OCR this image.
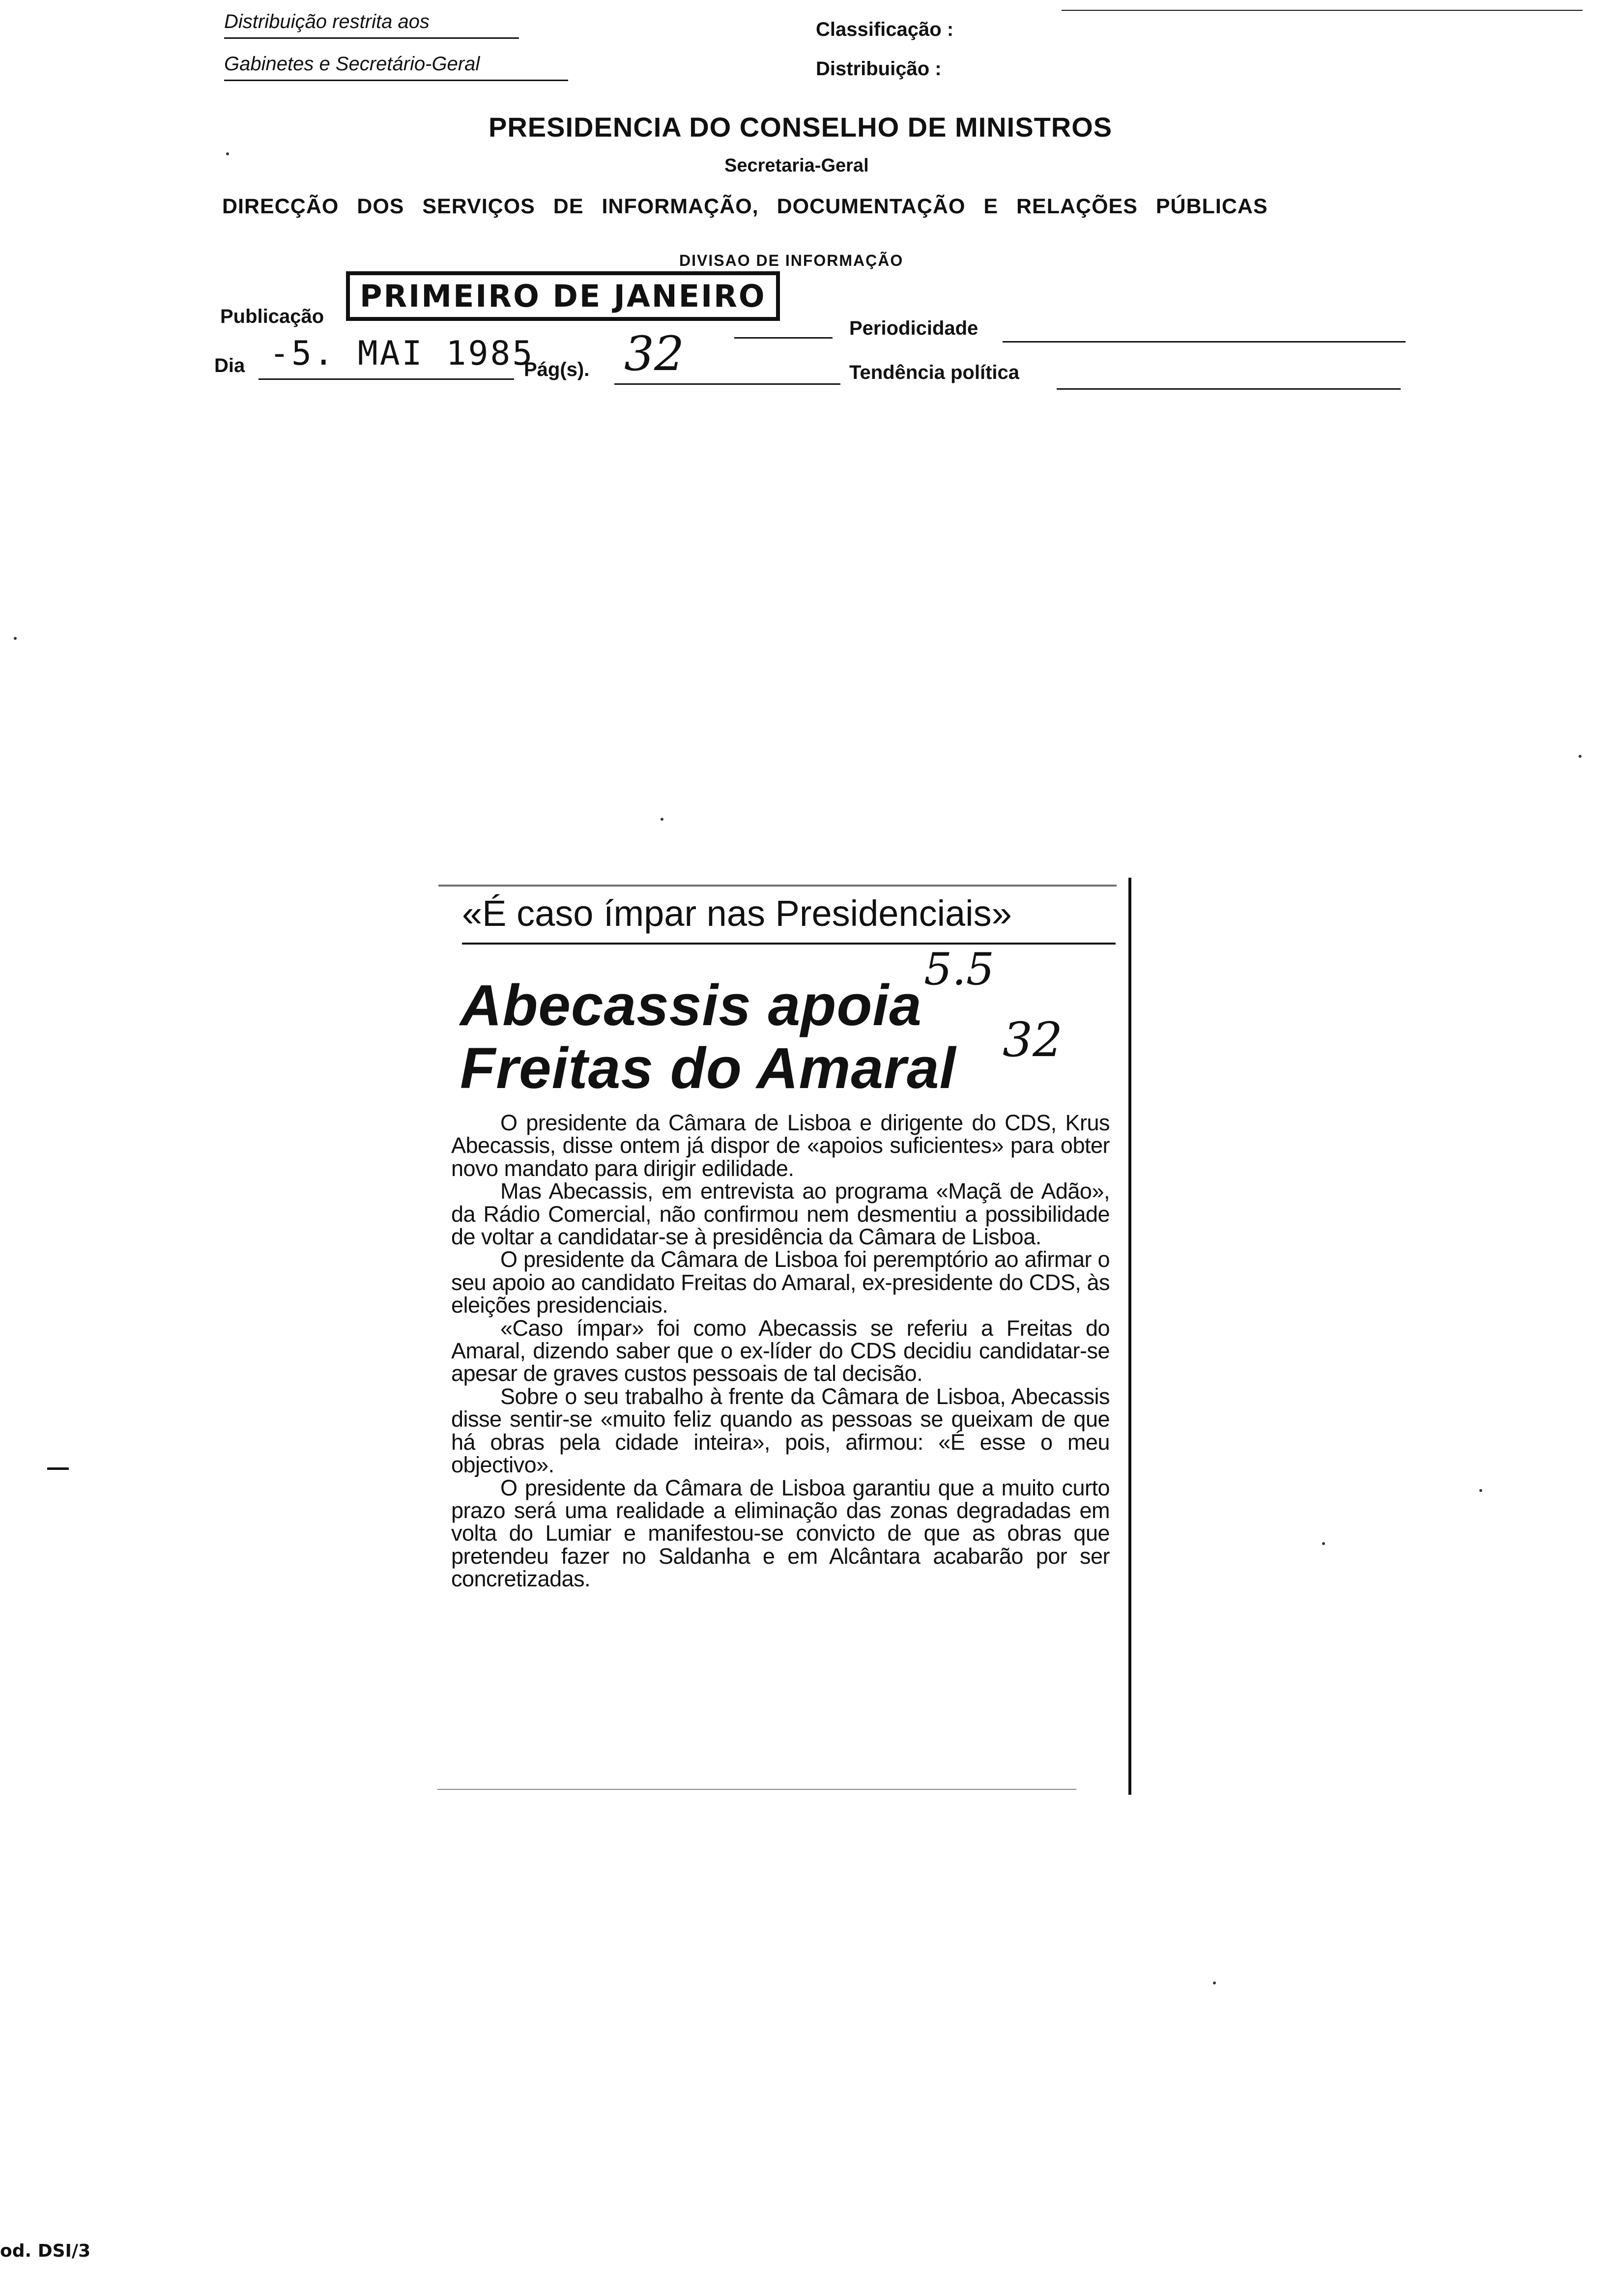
Distribuição restrita aos
Gabinetes e Secretário-Geral
Classificação :
Distribuição :
PRESIDENCIA DO CONSELHO DE MINISTROS
Secretaria-Geral
DIRECÇÃO DOS SERVIÇOS DE INFORMAÇÃO, DOCUMENTAÇÃO E RELAÇÕES PÚBLICAS
DIVISAO DE INFORMAÇÃO
Publicação
PRIMEIRO DE JANEIRO
Periodicidade
Dia -5. MAI 1985
Pág(s). 32	Tendência política
«É caso ímpar nas Presidenciais»
Abecassis apoia
Freitas do Amaral
5.5
32

O presidente da Câmara de Lisboa e dirigente do CDS, Krus Abecassis, disse ontem já dispor de «apoios suficientes» para obter novo mandato para dirigir edilidade.

Mas Abecassis, em entrevista ao programa «Maçã de Adão», da Rádio Comercial, não confirmou nem desmentiu a possibilidade de voltar a candidatar-se à presidência da Câmara de Lisboa.

O presidente da Câmara de Lisboa foi peremptório ao afirmar o seu apoio ao candidato Freitas do Amaral, ex-presidente do CDS, às eleições presidenciais.

«Caso ímpar» foi como Abecassis se referiu a Freitas do Amaral, dizendo saber que o ex-líder do CDS decidiu candidatar-se apesar de graves custos pessoais de tal decisão.

Sobre o seu trabalho à frente da Câmara de Lisboa, Abecassis disse sentir-se «muito feliz quando as pessoas se queixam de que há obras pela cidade inteira», pois, afirmou: «É esse o meu objectivo».

O presidente da Câmara de Lisboa garantiu que a muito curto prazo será uma realidade a eliminação das zonas degradadas em volta do Lumiar e manifestou-se convicto de que as obras que pretendeu fazer no Saldanha e em Alcântara acabarão por ser concretizadas.

od. DSI/3
